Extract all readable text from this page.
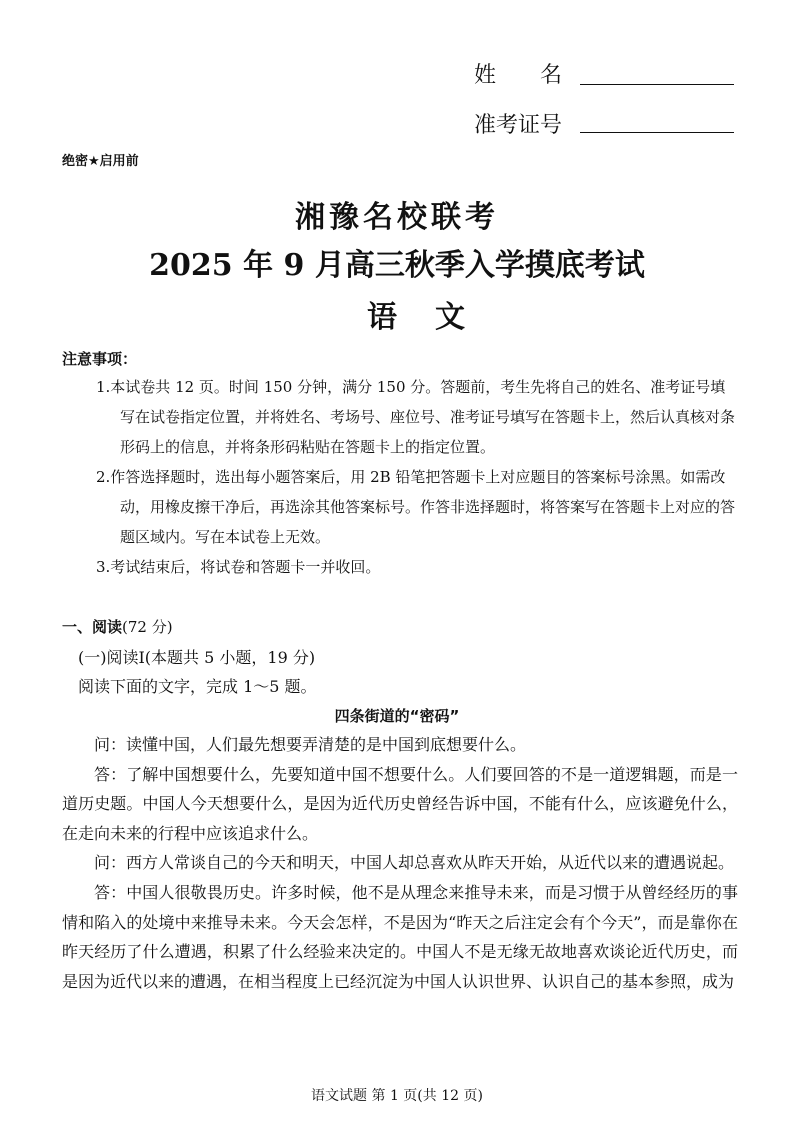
姓　　名
准考证号
绝密★启用前
湘豫名校联考
2025 年 9 月高三秋季入学摸底考试
语文
注意事项：

1.本试卷共 12 页。时间 150 分钟，满分 150 分。答题前，考生先将自己的姓名、准考证号填写在试卷指定位置，并将姓名、考场号、座位号、准考证号填写在答题卡上，然后认真核对条形码上的信息，并将条形码粘贴在答题卡上的指定位置。

2.作答选择题时，选出每小题答案后，用 2B 铅笔把答题卡上对应题目的答案标号涂黑。如需改动，用橡皮擦干净后，再选涂其他答案标号。作答非选择题时，将答案写在答题卡上对应的答题区域内。写在本试卷上无效。

3.考试结束后，将试卷和答题卡一并收回。

一、阅读(72 分)
(一)阅读Ⅰ(本题共 5 小题，19 分)
阅读下面的文字，完成 1～5 题。
四条街道的“密码”

问：读懂中国，人们最先想要弄清楚的是中国到底想要什么。

答：了解中国想要什么，先要知道中国不想要什么。人们要回答的不是一道逻辑题，而是一道历史题。中国人今天想要什么，是因为近代历史曾经告诉中国，不能有什么，应该避免什么，在走向未来的行程中应该追求什么。

问：西方人常谈自己的今天和明天，中国人却总喜欢从昨天开始，从近代以来的遭遇说起。

答：中国人很敬畏历史。许多时候，他不是从理念来推导未来，而是习惯于从曾经经历的事情和陷入的处境中来推导未来。今天会怎样，不是因为“昨天之后注定会有个今天”，而是靠你在昨天经历了什么遭遇，积累了什么经验来决定的。中国人不是无缘无故地喜欢谈论近代历史，而是因为近代以来的遭遇，在相当程度上已经沉淀为中国人认识世界、认识自己的基本参照，成为

语文试题 第 1 页(共 12 页)
